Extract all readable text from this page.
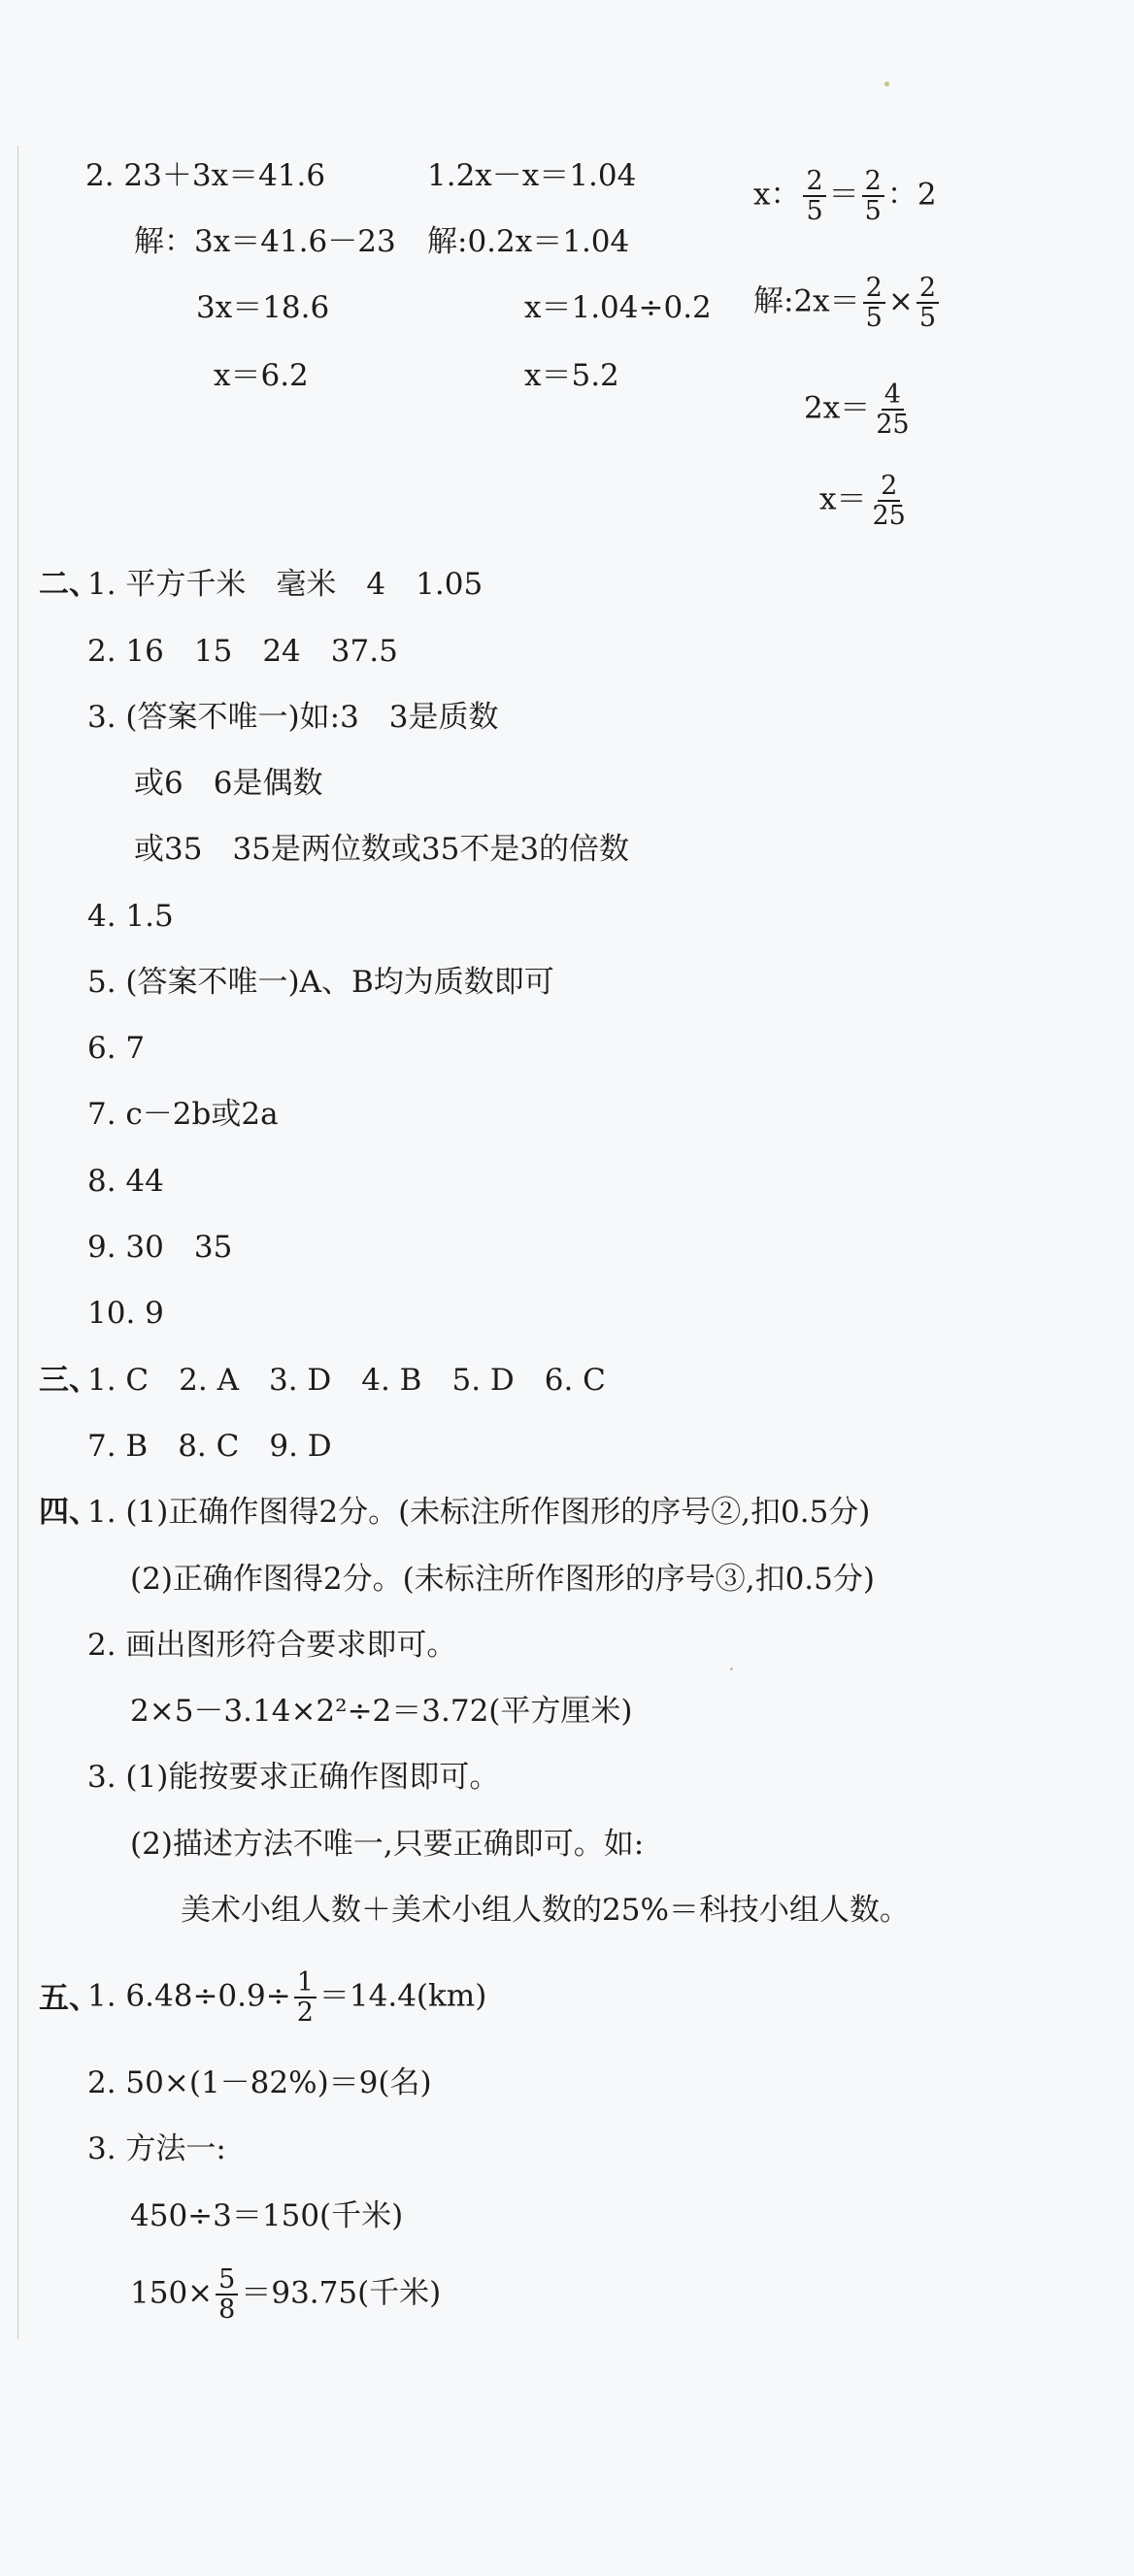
2. 23＋3x＝41.6
解：3x＝41.6－23
3x＝18.6
x＝6.2
1.2x－x＝1.04
解:0.2x＝1.04
x＝1.04÷0.2
x＝5.2
x： $\frac{2}{5} = \frac{2}{5}$ ：2
解:2x＝ $\frac{2}{5} \times \frac{2}{5}$
$2x= \frac{4}{25}$
$x= \frac{2}{25}$
二、
1. 平方千米　毫米　4　1.05
2. 16　15　24　37.5
3. (答案不唯一)如:3　3是质数
或6　6是偶数
或35　35是两位数或35不是3的倍数
4. 1.5
5. (答案不唯一)A、B均为质数即可
6. 7
7. c－2b或2a
8. 44
9. 30　35
10. 9
三、
1. C　2. A　3. D　4. B　5. D　6. C
7. B　8. C　9. D
四、
1. (1)正确作图得2分。(未标注所作图形的序号②,扣0.5分)
(2)正确作图得2分。(未标注所作图形的序号③,扣0.5分)
2. 画出图形符合要求即可。
2×5－3.14×2²÷2＝3.72(平方厘米)
3. (1)能按要求正确作图即可。
(2)描述方法不唯一,只要正确即可。如:
美术小组人数＋美术小组人数的25%＝科技小组人数。
五、
1. $6.48\div 0.9\div \frac{1}{2} =14.4(km)$
2. 50×(1－82%)＝9(名)
3. 方法一:
450÷3＝150(千米)
$150\times \frac{5}{8} =93.75$(千米)
